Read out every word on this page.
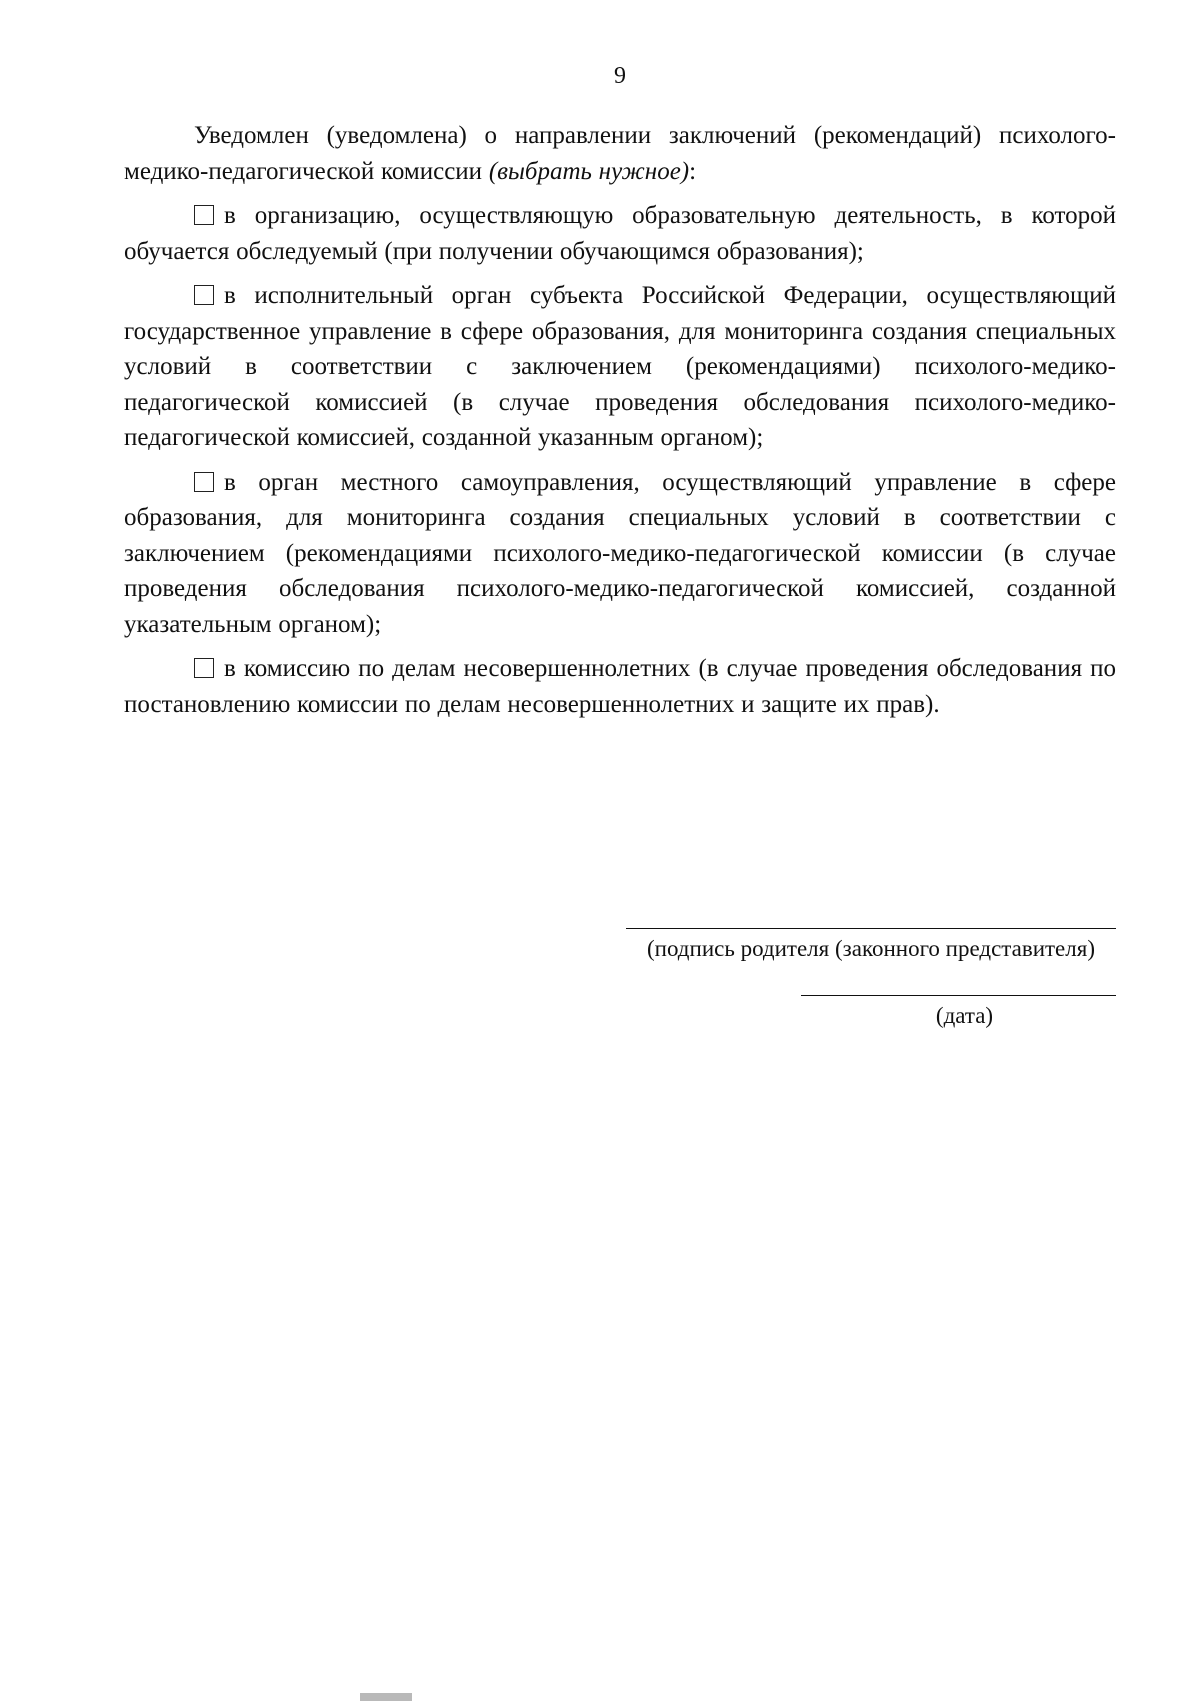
9

Уведомлен (уведомлена) о направлении заключений (рекомендаций) психолого-медико-педагогической комиссии (выбрать нужное):

в организацию, осуществляющую образовательную деятельность, в которой обучается обследуемый (при получении обучающимся образования);

в исполнительный орган субъекта Российской Федерации, осуществляющий государственное управление в сфере образования, для мониторинга создания специальных условий в соответствии с заключением (рекомендациями) психолого-медико-педагогической комиссией (в случае проведения обследования психолого-медико-педагогической комиссией, созданной указанным органом);

в орган местного самоуправления, осуществляющий управление в сфере образования, для мониторинга создания специальных условий в соответствии с заключением (рекомендациями психолого-медико-педагогической комиссии (в случае проведения обследования психолого-медико-педагогической комиссией, созданной указательным органом);

в комиссию по делам несовершеннолетних (в случае проведения обследования по постановлению комиссии по делам несовершеннолетних и защите их прав).

(подпись родителя (законного представителя)
(дата)
